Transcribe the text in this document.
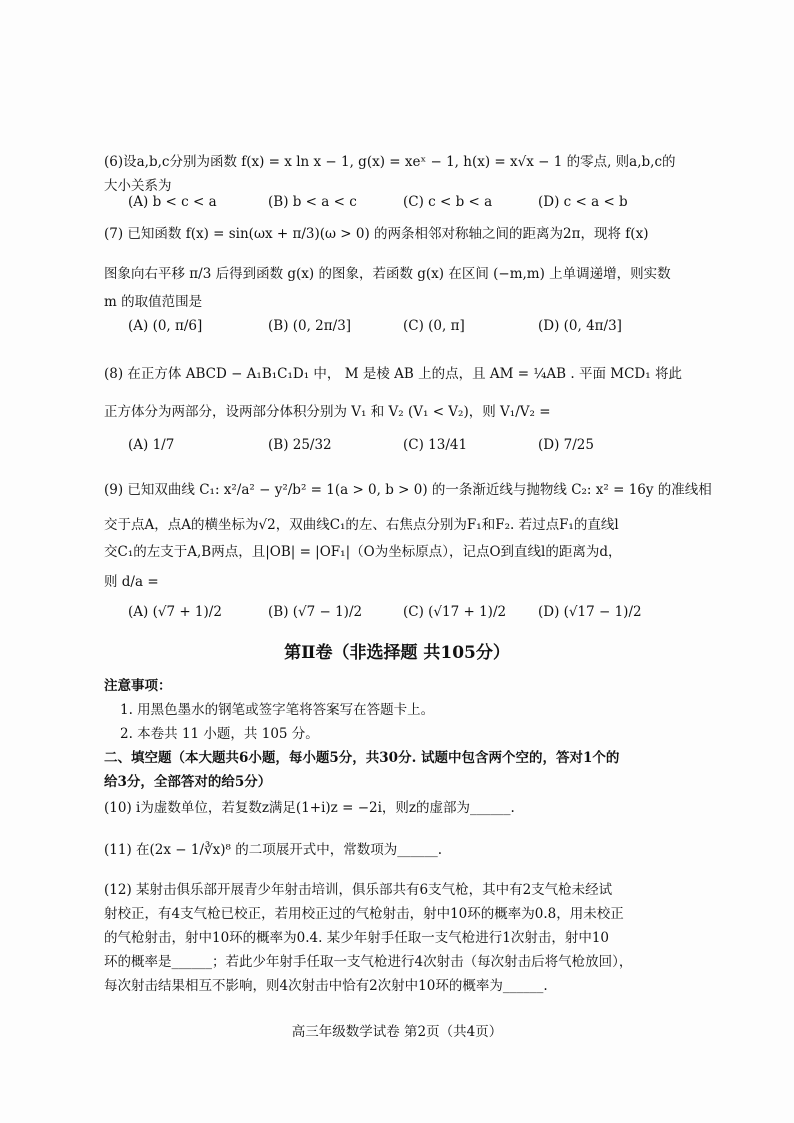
(6)设a,b,c分别为函数 f(x) = x ln x − 1, g(x) = xeˣ − 1, h(x) = x√x − 1 的零点, 则a,b,c的
大小关系为
(A) b < c < a	(B) b < a < c	(C) c < b < a	(D) c < a < b
(7) 已知函数 f(x) = sin(ωx + π/3)(ω > 0) 的两条相邻对称轴之间的距离为2π，现将 f(x)
图象向右平移 π/3 后得到函数 g(x) 的图象，若函数 g(x) 在区间 (−m,m) 上单调递增，则实数
m 的取值范围是
(A) (0, π/6]	(B) (0, 2π/3]	(C) (0, π]	(D) (0, 4π/3]
(8) 在正方体 ABCD − A₁B₁C₁D₁ 中， M 是棱 AB 上的点，且 AM = ¼AB . 平面 MCD₁ 将此
正方体分为两部分，设两部分体积分别为 V₁ 和 V₂ (V₁ < V₂)，则 V₁/V₂ =
(A) 1/7	(B) 25/32	(C) 13/41	(D) 7/25
(9) 已知双曲线 C₁: x²/a² − y²/b² = 1(a > 0, b > 0) 的一条渐近线与抛物线 C₂: x² = 16y 的准线相
交于点A，点A的横坐标为√2，双曲线C₁的左、右焦点分别为F₁和F₂. 若过点F₁的直线l
交C₁的左支于A,B两点，且|OB| = |OF₁|（O为坐标原点），记点O到直线l的距离为d，
则 d/a =
(A) (√7 + 1)/2	(B) (√7 − 1)/2	(C) (√17 + 1)/2 (D) (√17 − 1)/2
第Ⅱ卷（非选择题 共105分）
注意事项：
1. 用黑色墨水的钢笔或签字笔将答案写在答题卡上。
2. 本卷共 11 小题，共 105 分。
二、填空题（本大题共6小题，每小题5分，共30分. 试题中包含两个空的，答对1个的
给3分，全部答对的给5分）
(10) i为虚数单位，若复数z满足(1+i)z = −2i，则z的虚部为______.
(11) 在(2x − 1/∛x)⁸ 的二项展开式中，常数项为______.
(12) 某射击俱乐部开展青少年射击培训，俱乐部共有6支气枪，其中有2支气枪未经试
射校正，有4支气枪已校正，若用校正过的气枪射击，射中10环的概率为0.8，用未校正
的气枪射击，射中10环的概率为0.4. 某少年射手任取一支气枪进行1次射击，射中10
环的概率是______；若此少年射手任取一支气枪进行4次射击（每次射击后将气枪放回），
每次射击结果相互不影响，则4次射击中恰有2次射中10环的概率为______.
高三年级数学试卷 第2页（共4页）
